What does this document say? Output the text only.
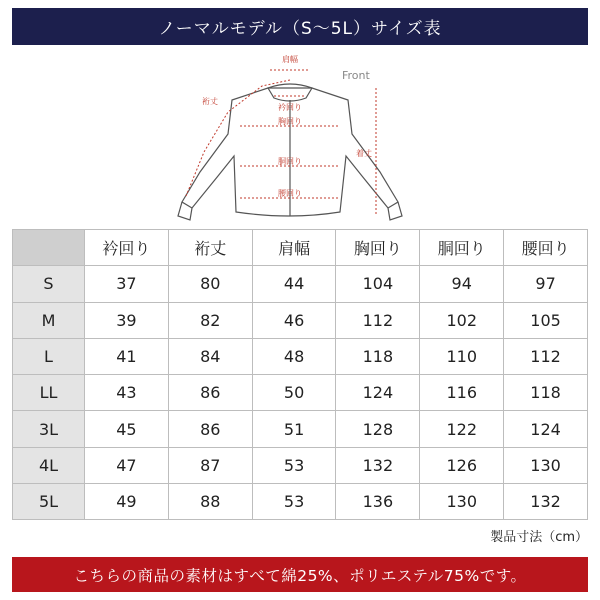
ノーマルモデル（S～5L）サイズ表
Front
肩幅
裄丈
衿回り
胸回り
胴回り
腰回り
着丈
	衿回り	裄丈	肩幅	胸回り	胴回り	腰回り
S	37	80	44	104	94	97
M	39	82	46	112	102	105
L	41	84	48	118	110	112
LL	43	86	50	124	116	118
3L	45	86	51	128	122	124
4L	47	87	53	132	126	130
5L	49	88	53	136	130	132
製品寸法（cm）
こちらの商品の素材はすべて綿25%、ポリエステル75%です。
